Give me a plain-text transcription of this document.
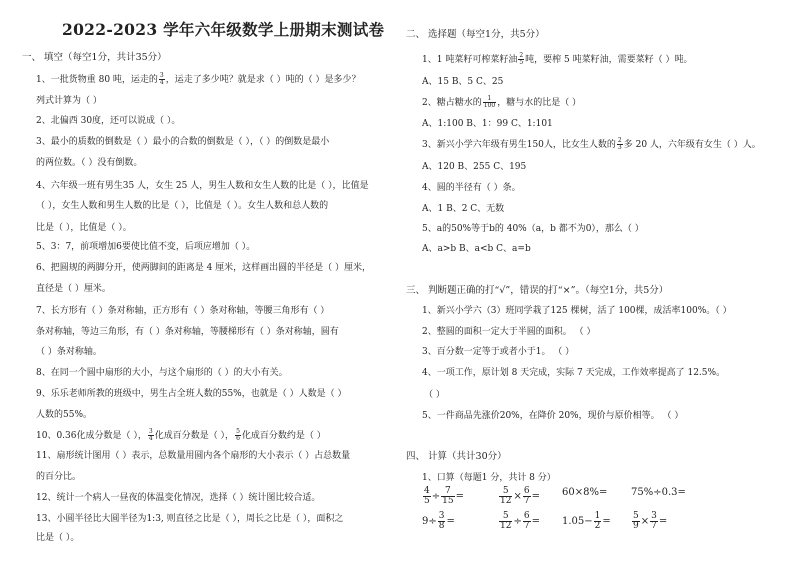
2022-2023 学年六年级数学上册期末测试卷
一、 填空（每空1分，共计35分）
1、一批货物重 80 吨，运走的 $\frac{3}{4}$ ，运走了多少吨？就是求（ ）吨的（ ）是多少？
列式计算为（ ）
2、北偏西 30度，还可以说成（ ）。
3、最小的质数的倒数是（ ）最小的合数的倒数是（ ），（ ）的倒数是最小
的两位数。（ ）没有倒数。
4、六年级一班有男生35 人，女生 25 人，男生人数和女生人数的比是（ ），比值是
（ ），女生人数和男生人数的比是（ ），比值是（ ）。女生人数和总人数的
比是（ ），比值是（ ）。
5、3：7，前项增加6要使比值不变，后项应增加（ ）。
6、把圆规的两脚分开，使两脚间的距离是 4 厘米，这样画出圆的半径是（ ）厘米，
直径是（ ）厘米。
7、长方形有（ ）条对称轴，正方形有（ ）条对称轴，等腰三角形有（ ）
条对称轴，等边三角形，有（ ）条对称轴，等腰梯形有（ ）条对称轴，圆有
（ ）条对称轴。
8、在同一个圆中扇形的大小，与这个扇形的（ ）的大小有关。
9、乐乐老师所教的班级中，男生占全班人数的55%，也就是（ ）人数是（ ）
人数的55%。
10、0.36化成分数是（ ）， $\frac{3}{4}$ 化成百分数是（ ）， $\frac{5}{6}$ 化成百分数约是（ ）
11、扇形统计图用（ ）表示，总数量用圆内各个扇形的大小表示（ ）占总数量
的百分比。
12、统计一个病人一昼夜的体温变化情况，选择（ ）统计图比较合适。
13、小圆半径比大圆半径为1:3, 则直径之比是（ ），周长之比是（ ），面积之
比是（ ）。
二、 选择题（每空1分，共5分）
1、1 吨菜籽可榨菜籽油 $\frac{2}{5}$ 吨，要榨 5 吨菜籽油，需要菜籽（ ）吨。
A、15 B、5 C、25
2、糖占糖水的 $\frac{1}{100}$ ，糖与水的比是（ ）
A、1:100 B、1：99 C、1:101
3、新兴小学六年级有男生150人，比女生人数的 $\frac{2}{3}$ 多 20 人，六年级有女生（ ）人。
A、120 B、255 C、195
4、圆的半径有（ ）条。
A、1 B、2 C、无数
5、a的50%等于b的 40%（a，b 都不为0），那么（ ）
A、a>b B、a<b C、a=b
三、 判断题正确的打“√”，错误的打“×”。（每空1分，共5分）
1、新兴小学六（3）班同学栽了125 棵树，活了 100棵，成活率100%。（ ）
2、整圆的面积一定大于半圆的面积。 （ ）
3、百分数一定等于或者小于1。 （ ）
4、一项工作，原计划 8 天完成，实际 7 天完成，工作效率提高了 12.5%。
（ ）
5、一件商品先涨价20%，在降价 20%，现价与原价相等。 （ ）
四、 计算（共计30分）
1、口算（每题1 分，共计 8 分）
$\frac{4}{5} \div \frac{7}{15}$ =	$\frac{5}{12} \times \frac{6}{7} = 60\times 8\%= 75\%\div 0.3=$
$9\div \frac{3}{8}$ =	$\frac{5}{12} \div \frac{6}{7} = 1.05- \frac{1}{2} = \frac{5}{9} \times \frac{3}{7}$ =
